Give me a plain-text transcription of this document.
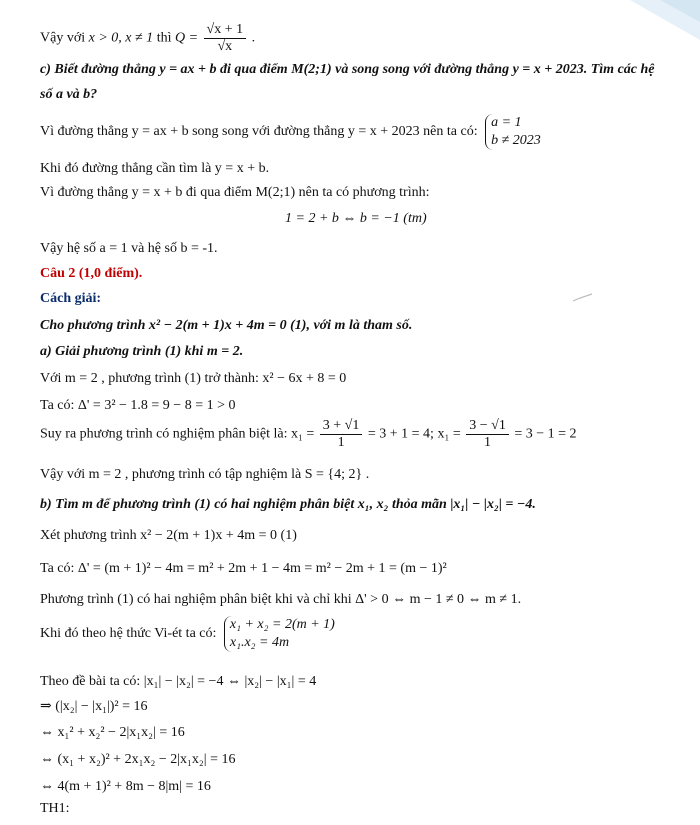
Vậy với x > 0, x ≠ 1 thì $Q = \frac{√x + 1}{√x}$ .
c) Biết đường thẳng y = ax + b đi qua điểm M(2;1) và song song với đường thẳng y = x + 2023. Tìm các hệ
số a và b?
Vì đường thẳng y = ax + b song song với đường thẳng y = x + 2023 nên ta có:
a = 1
b ≠ 2023
Khi đó đường thẳng cần tìm là y = x + b.
Vì đường thẳng y = x + b đi qua điểm M(2;1) nên ta có phương trình:
1 = 2 + b ⇔ b = −1 (tm)
Vậy hệ số a = 1 và hệ số b = -1.
Câu 2 (1,0 điểm).
Cách giải:
Cho phương trình x² − 2(m + 1)x + 4m = 0 (1), với m là tham số.
a) Giải phương trình (1) khi m = 2.
Với m = 2 , phương trình (1) trở thành: x² − 6x + 8 = 0
Ta có: Δ' = 3² − 1.8 = 9 − 8 = 1 > 0
Suy ra phương trình có nghiệm phân biệt là: $x_1 = \frac{3 + √1}{1} = 3 + 1 = 4$; $x_1 = \frac{3 - √1}{1} = 3 - 1 = 2$
Vậy với m = 2 , phương trình có tập nghiệm là S = {4; 2} .
b) Tìm m để phương trình (1) có hai nghiệm phân biệt x₁, x₂ thỏa mãn |x₁| − |x₂| = −4.
Xét phương trình x² − 2(m + 1)x + 4m = 0 (1)
Ta có: Δ' = (m + 1)² − 4m = m² + 2m + 1 − 4m = m² − 2m + 1 = (m − 1)²
Phương trình (1) có hai nghiệm phân biệt khi và chỉ khi Δ' > 0 ⇔ m − 1 ≠ 0 ⇔ m ≠ 1.
Khi đó theo hệ thức Vi-ét ta có:
x₁ + x₂ = 2(m + 1)
x₁.x₂ = 4m
Theo đề bài ta có: |x₁| − |x₂| = −4 ⇔ |x₂| − |x₁| = 4
⇒ (|x₂| − |x₁|)² = 16
⇔ x₁² + x₂² − 2|x₁x₂| = 16
⇔ (x₁ + x₂)² + 2x₁x₂ − 2|x₁x₂| = 16
⇔ 4(m + 1)² + 8m − 8|m| = 16
TH1:
